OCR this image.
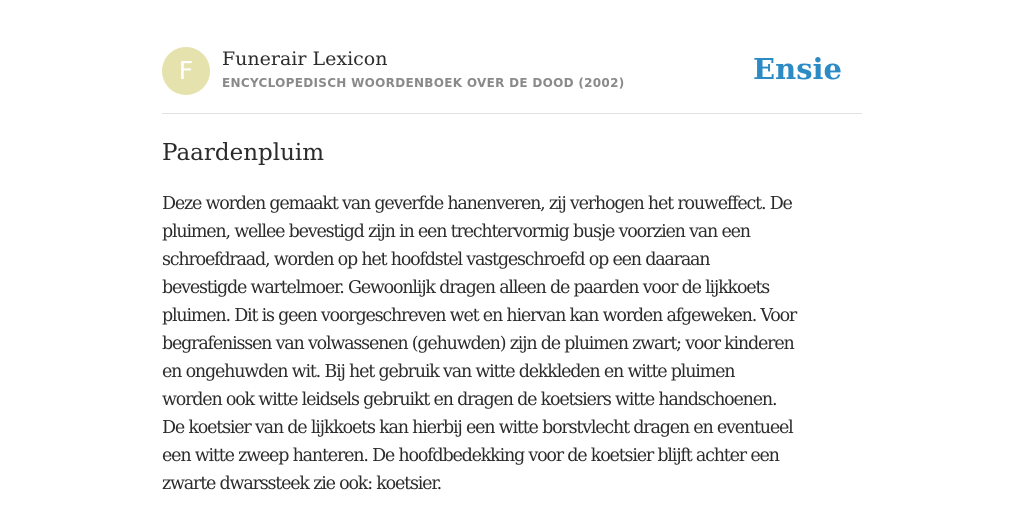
F	Funerair Lexicon
ENCYCLOPEDISCH WOORDENBOEK OVER DE DOOD (2002)	Ensie
Paardenpluim

Deze worden gemaakt van geverfde hanenveren, zij verhogen het rouweffect. De
pluimen, wellee bevestigd zijn in een trechtervormig busje voorzien van een
schroefdraad, worden op het hoofdstel vastgeschroefd op een daaraan
bevestigde wartelmoer. Gewoonlijk dragen alleen de paarden voor de lijkkoets
pluimen. Dit is geen voorgeschreven wet en hiervan kan worden afgeweken. Voor
begrafenissen van volwassenen (gehuwden) zijn de pluimen zwart; voor kinderen
en ongehuwden wit. Bij het gebruik van witte dekkleden en witte pluimen
worden ook witte leidsels gebruikt en dragen de koetsiers witte handschoenen.
De koetsier van de lijkkoets kan hierbij een witte borstvlecht dragen en eventueel
een witte zweep hanteren. De hoofdbedekking voor de koetsier blijft achter een
zwarte dwarssteek zie ook: koetsier.
